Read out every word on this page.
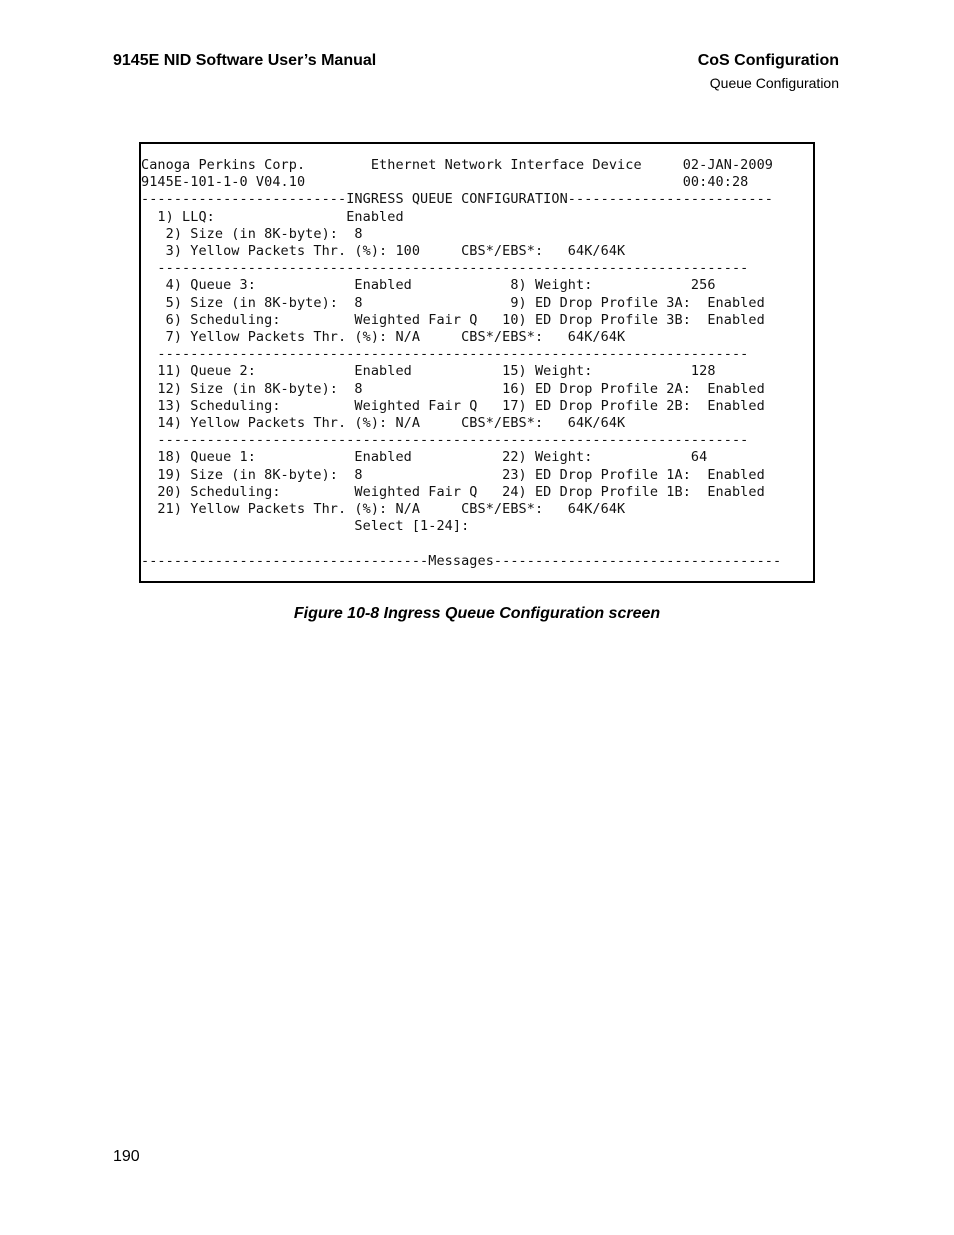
9145E NID Software User’s Manual	CoS Configuration
Queue Configuration
Canoga Perkins Corp.        Ethernet Network Interface Device     02-JAN-2009
9145E-101-1-0 V04.10                                              00:40:28
-------------------------INGRESS QUEUE CONFIGURATION-------------------------
1) LLQ:                Enabled
2) Size (in 8K-byte):  8
3) Yellow Packets Thr. (%): 100     CBS*/EBS*:   64K/64K
------------------------------------------------------------------------
4) Queue 3:            Enabled            8) Weight:            256
5) Size (in 8K-byte):  8                  9) ED Drop Profile 3A:  Enabled
6) Scheduling:         Weighted Fair Q   10) ED Drop Profile 3B:  Enabled
7) Yellow Packets Thr. (%): N/A     CBS*/EBS*:   64K/64K
------------------------------------------------------------------------
11) Queue 2:            Enabled           15) Weight:            128
12) Size (in 8K-byte):  8                 16) ED Drop Profile 2A:  Enabled
13) Scheduling:         Weighted Fair Q   17) ED Drop Profile 2B:  Enabled
14) Yellow Packets Thr. (%): N/A     CBS*/EBS*:   64K/64K
------------------------------------------------------------------------
18) Queue 1:            Enabled           22) Weight:            64
19) Size (in 8K-byte):  8                 23) ED Drop Profile 1A:  Enabled
20) Scheduling:         Weighted Fair Q   24) ED Drop Profile 1B:  Enabled
21) Yellow Packets Thr. (%): N/A     CBS*/EBS*:   64K/64K
Select [1-24]:

-----------------------------------Messages-----------------------------------
Figure 10-8 Ingress Queue Configuration screen
190
